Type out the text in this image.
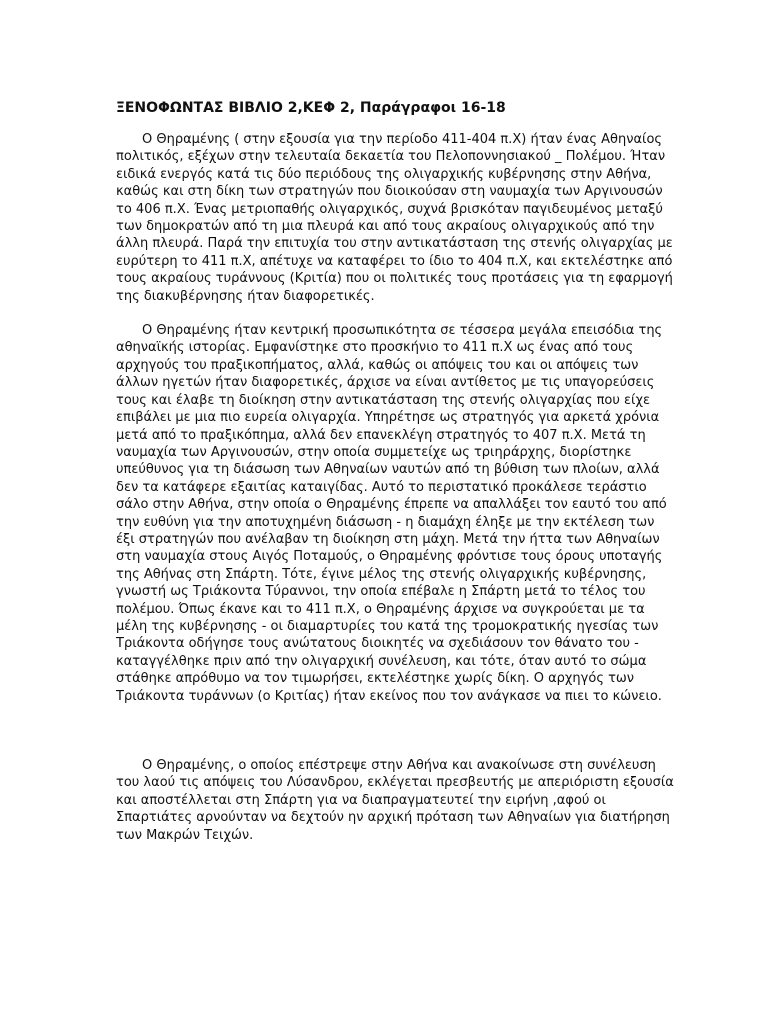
ΞΕΝΟΦΩΝΤΑΣ ΒΙΒΛΙΟ 2,ΚΕΦ 2, Παράγραφοι 16-18

Ο Θηραμένης ( στην εξουσία για την περίοδο 411-404 π.Χ) ήταν ένας Αθηναίος πολιτικός, εξέχων στην τελευταία δεκαετία του Πελοποννησιακού _ Πολέμου. Ήταν ειδικά ενεργός κατά τις δύο περιόδους της ολιγαρχικής κυβέρνησης στην Αθήνα, καθώς και στη δίκη των στρατηγών που διοικούσαν στη ναυμαχία των Αργινουσών το 406 π.Χ. Ένας μετριοπαθής ολιγαρχικός, συχνά βρισκόταν παγιδευμένος μεταξύ των δημοκρατών από τη μια πλευρά και από τους ακραίους ολιγαρχικούς από την άλλη πλευρά. Παρά την επιτυχία του στην αντικατάσταση της στενής ολιγαρχίας με ευρύτερη το 411 π.Χ, απέτυχε να καταφέρει το ίδιο το 404 π.Χ, και εκτελέστηκε από τους ακραίους τυράννους (Κριτία) που οι πολιτικές τους προτάσεις για τη εφαρμογή της διακυβέρνησης ήταν διαφορετικές.

Ο Θηραμένης ήταν κεντρική προσωπικότητα σε τέσσερα μεγάλα επεισόδια της αθηναϊκής ιστορίας. Εμφανίστηκε στο προσκήνιο το 411 π.Χ ως ένας από τους αρχηγούς του πραξικοπήματος, αλλά, καθώς οι απόψεις του και οι απόψεις των άλλων ηγετών ήταν διαφορετικές, άρχισε να είναι αντίθετος με τις υπαγορεύσεις τους και έλαβε τη διοίκηση στην αντικατάσταση της στενής ολιγαρχίας που είχε επιβάλει με μια πιο ευρεία ολιγαρχία. Υπηρέτησε ως στρατηγός για αρκετά χρόνια μετά από το πραξικόπημα, αλλά δεν επανεκλέγη στρατηγός το 407 π.Χ. Μετά τη ναυμαχία των Αργινουσών, στην οποία συμμετείχε ως τριηράρχης, διορίστηκε υπεύθυνος για τη διάσωση των Αθηναίων ναυτών από τη βύθιση των πλοίων, αλλά δεν τα κατάφερε εξαιτίας καταιγίδας. Αυτό το περιστατικό προκάλεσε τεράστιο σάλο στην Αθήνα, στην οποία ο Θηραμένης έπρεπε να απαλλάξει τον εαυτό του από την ευθύνη για την αποτυχημένη διάσωση - η διαμάχη έληξε με την εκτέλεση των έξι στρατηγών που ανέλαβαν τη διοίκηση στη μάχη. Μετά την ήττα των Αθηναίων στη ναυμαχία στους Αιγός Ποταμούς, ο Θηραμένης φρόντισε τους όρους υποταγής της Αθήνας στη Σπάρτη. Τότε, έγινε μέλος της στενής ολιγαρχικής κυβέρνησης, γνωστή ως Τριάκοντα Τύραννοι, την οποία επέβαλε η Σπάρτη μετά το τέλος του πολέμου. Όπως έκανε και το 411 π.Χ, ο Θηραμένης άρχισε να συγκρούεται με τα μέλη της κυβέρνησης - οι διαμαρτυρίες του κατά της τρομοκρατικής ηγεσίας των Τριάκοντα οδήγησε τους ανώτατους διοικητές να σχεδιάσουν τον θάνατο του - καταγγέλθηκε πριν από την ολιγαρχική συνέλευση, και τότε, όταν αυτό το σώμα στάθηκε απρόθυμο να τον τιμωρήσει, εκτελέστηκε χωρίς δίκη. Ο αρχηγός των Τριάκοντα τυράννων (ο Κριτίας) ήταν εκείνος που τον ανάγκασε να πιει το κώνειο.

Ο Θηραμένης, ο οποίος επέστρεψε στην Αθήνα και ανακοίνωσε στη συνέλευση του λαού τις απόψεις του Λύσανδρου, εκλέγεται πρεσβευτής με απεριόριστη εξουσία και αποστέλλεται στη Σπάρτη για να διαπραγματευτεί την ειρήνη ,αφού οι Σπαρτιάτες αρνούνταν να δεχτούν ην αρχική πρόταση των Αθηναίων για διατήρηση των Μακρών Τειχών.
